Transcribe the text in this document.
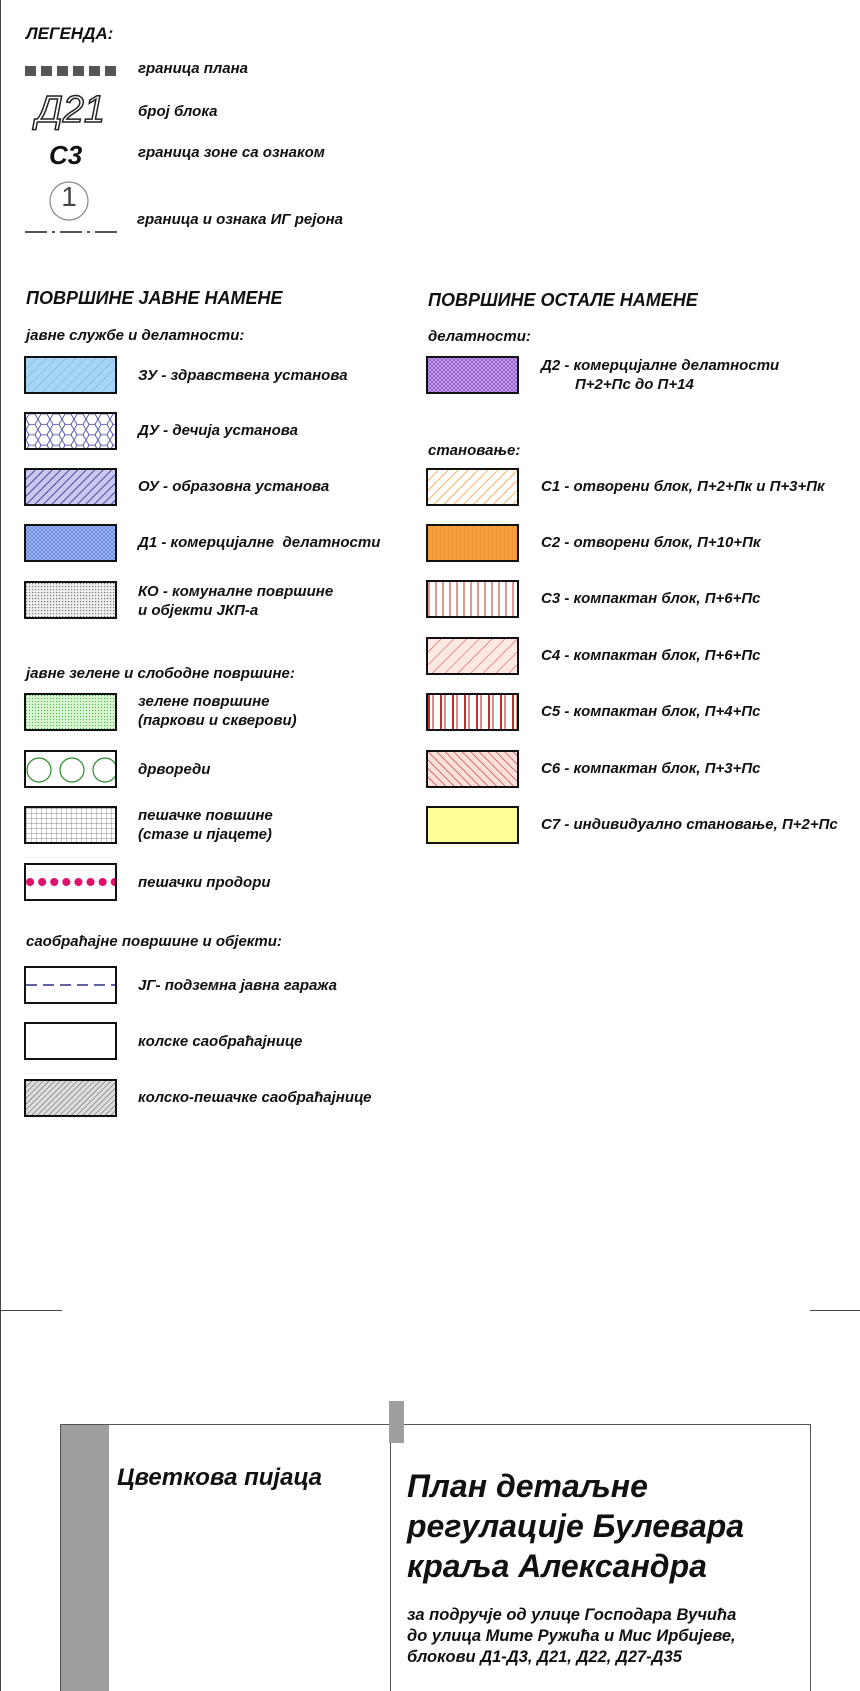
ЛЕГЕНДА:
граница плана
Д21 број блока
С3	граница зоне са ознаком
1
граница и ознака ИГ рејона
ПОВРШИНЕ ЈАВНЕ НАМЕНЕ
јавне службе и делатности:
ЗУ - здравствена установа
ДУ - дечија установа
ОУ - образовна установа
Д1 - комерцијалне  делатности
КО - комуналне површине
и објекти ЈКП-а
јавне зелене и слободне површине:
зелене површине
(паркови и скверови)
дрвореди
пешачке повшине
(стазе и пјацете)
пешачки продори
саобраћајне површине и објекти:
ЈГ- подземна јавна гаража
колске саобраћајнице
колско-пешачке саобраћајнице
ПОВРШИНЕ ОСТАЛЕ НАМЕНЕ
делатности:
Д2 - комерцијалне делатности
П+2+Пс до П+14
становање:
С1 - отворени блок, П+2+Пк и П+3+Пк
С2 - отворени блок, П+10+Пк
С3 - компактан блок, П+6+Пс
С4 - компактан блок, П+6+Пс
С5 - компактан блок, П+4+Пс
С6 - компактан блок, П+3+Пс
С7 - индивидуално становање, П+2+Пс
Цветкова пијаца	План детаљне
регулације Булевара
краља Александра
за подручје од улице Господара Вучића
до улица Мите Ружића и Мис Ирбијеве,
блокови Д1-Д3, Д21, Д22, Д27-Д35
